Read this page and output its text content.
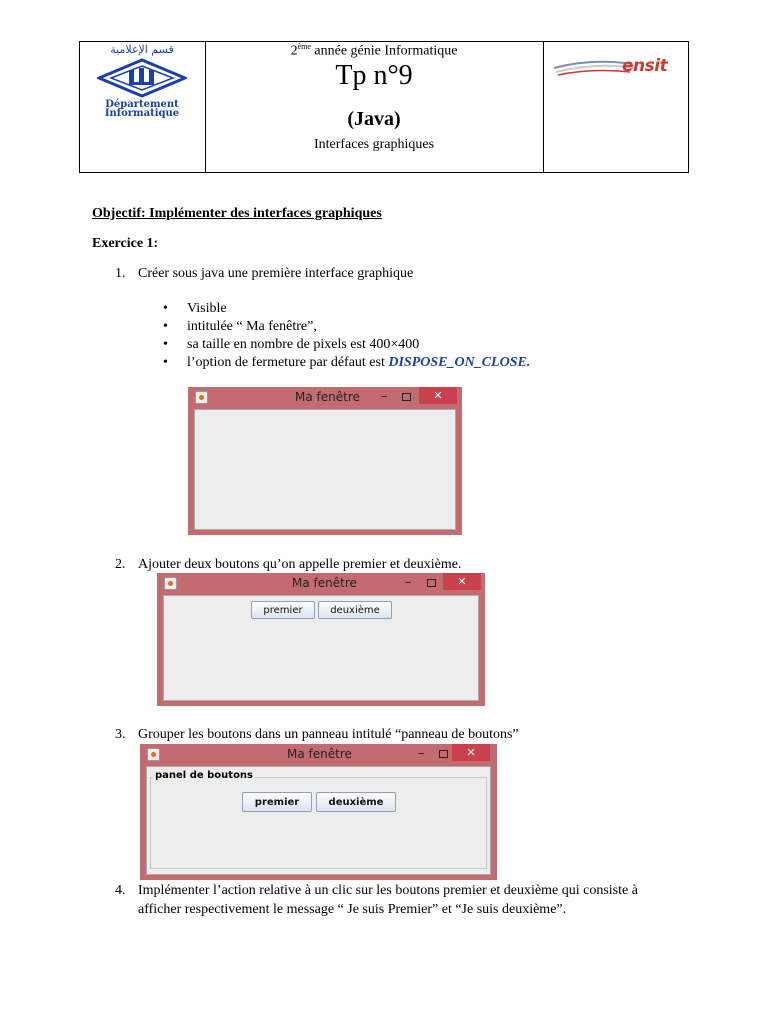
قسم الإعلامية
Département
Informatique
2ème année génie Informatique
Tp n°9
(Java)
Interfaces graphiques
ensit
Objectif: Implémenter des interfaces graphiques
Exercice 1:
1. Créer sous java une première interface graphique
• Visible
• intitulée “ Ma fenêtre”,
• sa taille en nombre de pixels est 400×400
• l’option de fermeture par défaut est DISPOSE_ON_CLOSE.
Ma fenêtre –	✕
2. Ajouter deux boutons qu’on appelle premier et deuxième.
Ma fenêtre	–	✕
premier	deuxième
3. Grouper les boutons dans un panneau intitulé “panneau de boutons”
Ma fenêtre	–	✕
panel de boutons
premier	deuxième
4. Implémenter l’action relative à un clic sur les boutons premier et deuxième qui consiste à
afficher respectivement le message “ Je suis Premier” et “Je suis deuxième”.
